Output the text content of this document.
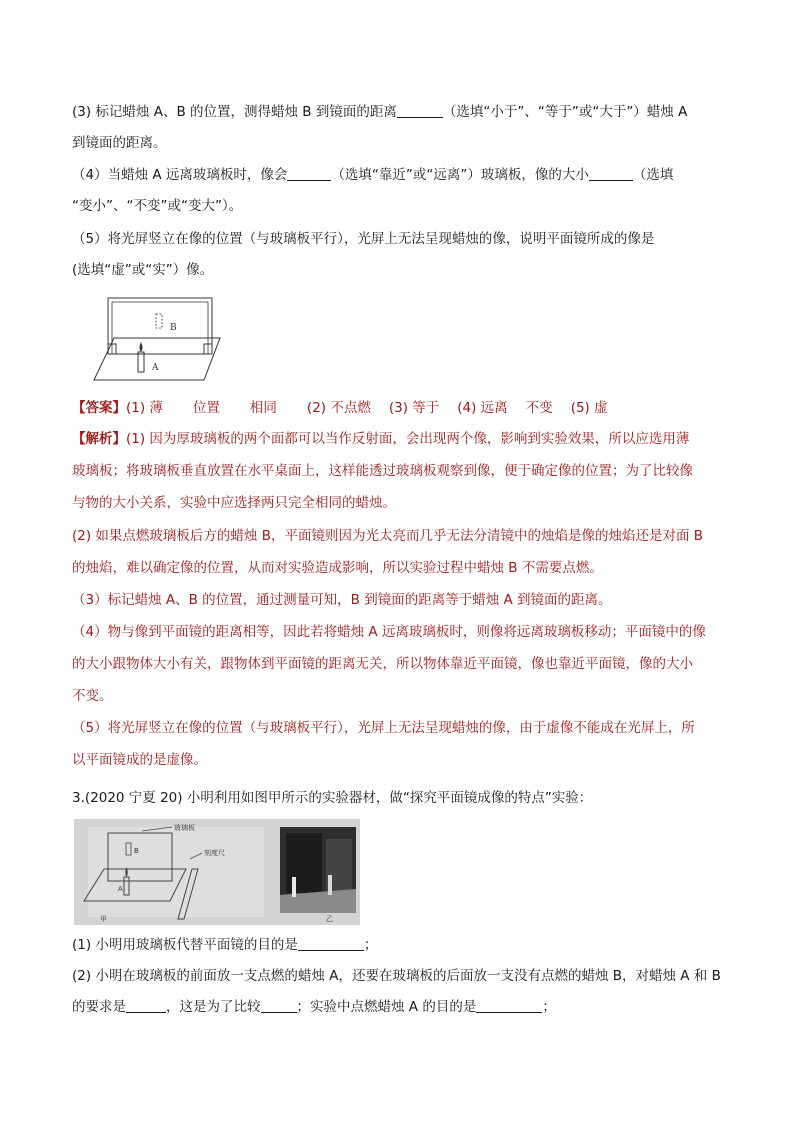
(3) 标记蜡烛 A、B 的位置，测得蜡烛 B 到镜面的距离	（选填“小于”、“等于”或“大于”）蜡烛 A
到镜面的距离。
（4）当蜡烛 A 远离玻璃板时，像会	（选填“靠近”或“远离”）玻璃板，像的大小	（选填
“变小”、“不变”或“变大”）。
（5）将光屏竖立在像的位置（与玻璃板平行），光屏上无法呈现蜡烛的像，说明平面镜所成的像是
(选填“虚”或“实”）像。
B
A
【答案】(1) 薄 位置 相同 (2) 不点燃 (3) 等于 (4) 远离 不变 (5) 虚
【解析】(1) 因为厚玻璃板的两个面都可以当作反射面，会出现两个像，影响到实验效果，所以应选用薄
玻璃板；将玻璃板垂直放置在水平桌面上，这样能透过玻璃板观察到像，便于确定像的位置；为了比较像
与物的大小关系，实验中应选择两只完全相同的蜡烛。
(2) 如果点燃玻璃板后方的蜡烛 B，平面镜则因为光太亮而几乎无法分清镜中的烛焰是像的烛焰还是对面 B
的烛焰，难以确定像的位置，从而对实验造成影响，所以实验过程中蜡烛 B 不需要点燃。
（3）标记蜡烛 A、B 的位置，通过测量可知，B 到镜面的距离等于蜡烛 A 到镜面的距离。
（4）物与像到平面镜的距离相等，因此若将蜡烛 A 远离玻璃板时，则像将远离玻璃板移动；平面镜中的像
的大小跟物体大小有关，跟物体到平面镜的距离无关，所以物体靠近平面镜，像也靠近平面镜，像的大小
不变。
（5）将光屏竖立在像的位置（与玻璃板平行），光屏上无法呈现蜡烛的像，由于虚像不能成在光屏上，所
以平面镜成的是虚像。
3.(2020 宁夏 20) 小明利用如图甲所示的实验器材，做“探究平面镜成像的特点”实验：
玻璃板
B
A
刻度尺
甲	乙
(1) 小明用玻璃板代替平面镜的目的是	；
(2) 小明在玻璃板的前面放一支点燃的蜡烛 A，还要在玻璃板的后面放一支没有点燃的蜡烛 B，对蜡烛 A 和 B
的要求是	，这是为了比较	；实验中点燃蜡烛 A 的目的是	；
